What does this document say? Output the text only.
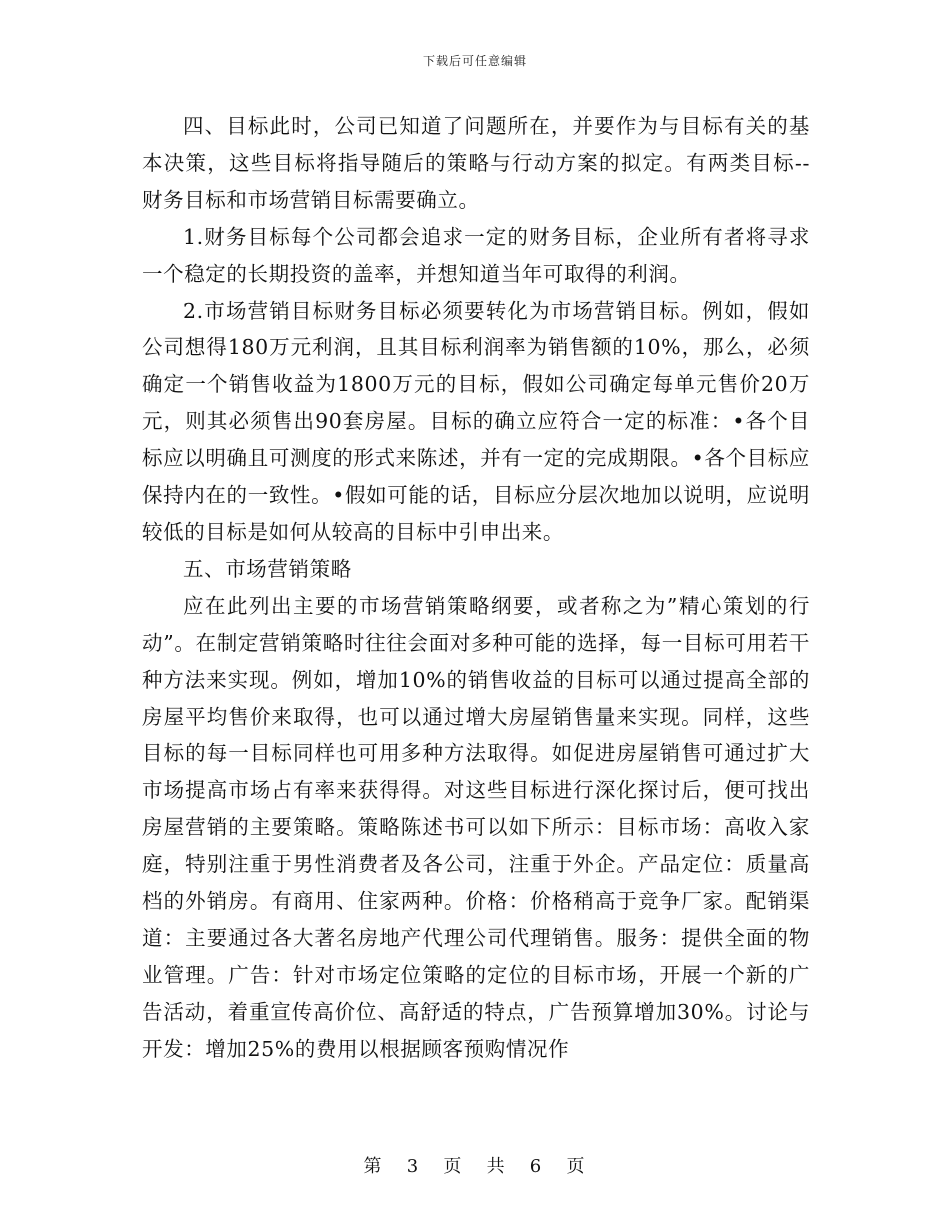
下载后可任意编辑

四、目标此时，公司已知道了问题所在，并要作为与目标有关的基本决策，这些目标将指导随后的策略与行动方案的拟定。有两类目标--财务目标和市场营销目标需要确立。

1.财务目标每个公司都会追求一定的财务目标，企业所有者将寻求一个稳定的长期投资的盖率，并想知道当年可取得的利润。

2.市场营销目标财务目标必须要转化为市场营销目标。例如，假如公司想得180万元利润，且其目标利润率为销售额的10%，那么，必须确定一个销售收益为1800万元的目标，假如公司确定每单元售价20万元，则其必须售出90套房屋。目标的确立应符合一定的标准：•各个目标应以明确且可测度的形式来陈述，并有一定的完成期限。•各个目标应保持内在的一致性。•假如可能的话，目标应分层次地加以说明，应说明较低的目标是如何从较高的目标中引申出来。

五、市场营销策略

应在此列出主要的市场营销策略纲要，或者称之为”精心策划的行动”。在制定营销策略时往往会面对多种可能的选择，每一目标可用若干种方法来实现。例如，增加10%的销售收益的目标可以通过提高全部的房屋平均售价来取得，也可以通过增大房屋销售量来实现。同样，这些目标的每一目标同样也可用多种方法取得。如促进房屋销售可通过扩大市场提高市场占有率来获得得。对这些目标进行深化探讨后，便可找出房屋营销的主要策略。策略陈述书可以如下所示：目标市场：高收入家庭，特别注重于男性消费者及各公司，注重于外企。产品定位：质量高档的外销房。有商用、住家两种。价格：价格稍高于竞争厂家。配销渠道：主要通过各大著名房地产代理公司代理销售。服务：提供全面的物业管理。广告：针对市场定位策略的定位的目标市场，开展一个新的广告活动，着重宣传高价位、高舒适的特点，广告预算增加30%。讨论与开发：增加25%的费用以根据顾客预购情况作

第 3 页 共 6 页
